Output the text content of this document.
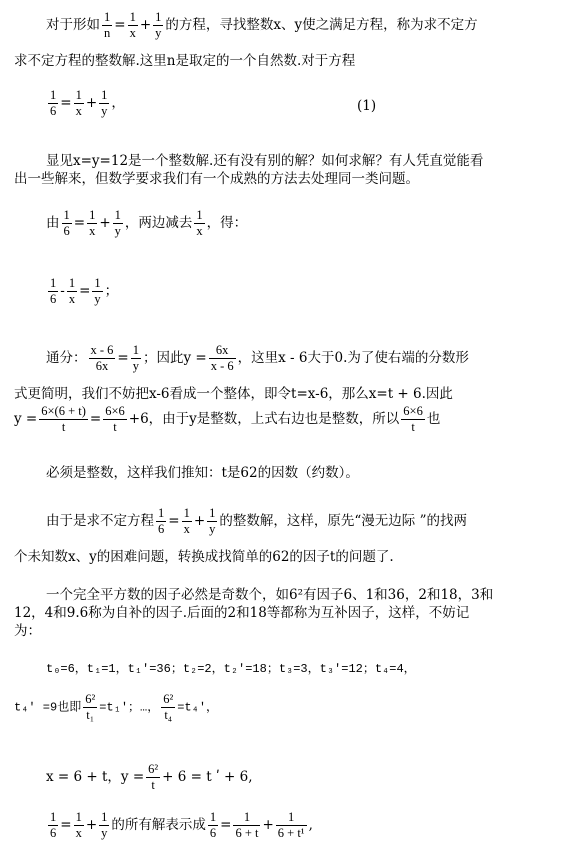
对于形如 $\frac{1}{n} = \frac{1}{x} + \frac{1}{y}$ 的方程，寻找整数x、y使之满足方程，称为求不定方
求不定方程的整数解.这里n是取定的一个自然数.对于方程
$\frac{1}{6} = \frac{1}{x} + \frac{1}{y}$ ，	(1)
显见x=y=12是一个整数解.还有没有别的解？如何求解？有人凭直觉能看
出一些解来，但数学要求我们有一个成熟的方法去处理同一类问题。
由 $\frac{1}{6} = \frac{1}{x} + \frac{1}{y}$ ，两边减去 $\frac{1}{x}$ ，得：
$\frac{1}{6} - \frac{1}{x} = \frac{1}{y}$ ；
通分： $\frac{x - 6}{6x} = \frac{1}{y}$ ；因此$y = \frac{6x}{x - 6}$ ，这里x - 6大于0.为了使右端的分数形
式更简明，我们不妨把x-6看成一个整体，即令t=x-6，那么x=t + 6.因此
$y = \frac{6\times(6 + t)}{t} = \frac{6\times 6}{t} +6$，由于y是整数，上式右边也是整数，所以 $\frac{6\times 6}{t}$ 也
必须是整数，这样我们推知：t是62的因数（约数）。
由于是求不定方程 $\frac{1}{6} = \frac{1}{x} + \frac{1}{y}$ 的整数解，这样，原先“漫无边际 ”的找两
个未知数x、y的困难问题，转换成找简单的62的因子t的问题了.
一个完全平方数的因子必然是奇数个，如6²有因子6、1和36，2和18，3和
12，4和9.6称为自补的因子.后面的2和18等都称为互补因子，这样，不妨记
为：
t₀=6，t₁=1，t₁ʹ=36；t₂=2，t₂ʹ=18；t₃=3，t₃ʹ=12；t₄=4，
t₄ʹ =9也即 $\frac{\text{6²}}{\text{t₁}}$ =t₁ʹ；…， $\frac{\text{6²}}{\text{t₄}}$ =t₄ʹ，
x = 6 + t，$y = \frac{\text{6²}}{t} + 6 = t$ ʹ + 6,
$\frac{1}{6} = \frac{1}{x} + \frac{1}{y}$ 的所有解表示成 $\frac{1}{6} = \frac{1}{6 + t} + \frac{1}{\text{6 + t¹}}$ ,
